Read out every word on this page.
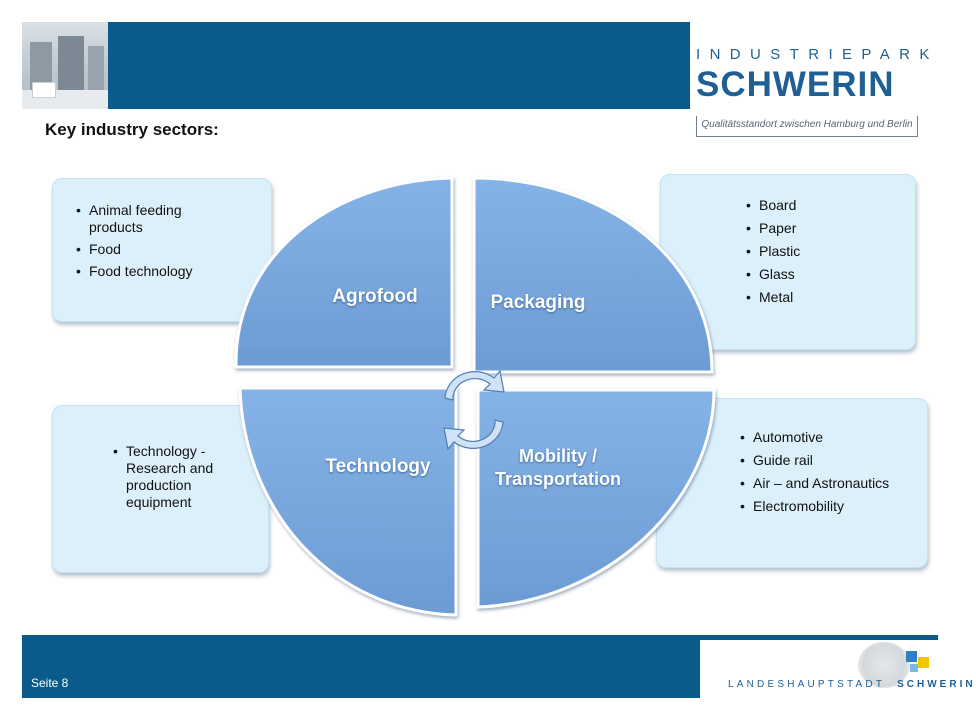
INDUSTRIEPARK
SCHWERIN
Qualitätsstandort zwischen Hamburg und Berlin
Key industry sectors:
• Animal feeding products
• Food
• Food technology
• Board
• Paper
• Plastic
• Glass
• Metal
• Technology - Research and production equipment
• Automotive
• Guide rail
• Air – and Astronautics
• Electromobility
Agrofood	Packaging
Technology	Mobility /
Transportation
LANDESHAUPTSTADT SCHWERIN
Seite 8
